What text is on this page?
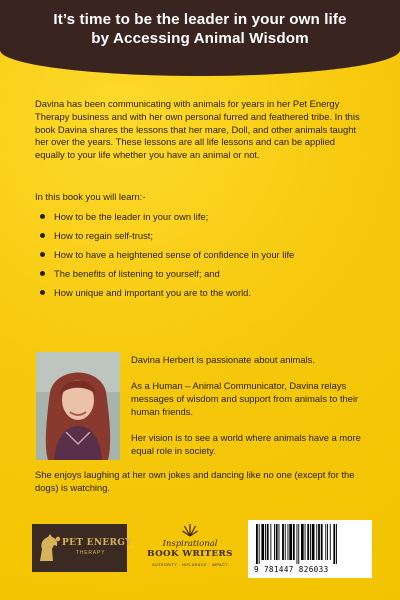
It’s time to be the leader in your own life
by Accessing Animal Wisdom
Davina has been communicating with animals for years in her Pet Energy Therapy business and with her own personal furred and feathered tribe. In this book Davina shares the lessons that her mare, Doll, and other animals taught her over the years. These lessons are all life lessons and can be applied equally to your life whether you have an animal or not.
In this book you will learn:-
How to be the leader in your own life;
How to regain self-trust;
How to have a heightened sense of confidence in your life
The benefits of listening to yourself; and
How unique and important you are to the world.
Davina Herbert is passionate about animals.
As a Human – Animal Communicator, Davina relays messages of wisdom and support from animals to their human friends.
Her vision is to see a world where animals have a more equal role in society.
She enjoys laughing at her own jokes and dancing like no one (except for the dogs) is watching.
PET ENERGY
THERAPY
Inspirational
BOOK WRITERS
AUTHORITY · INFLUENCE · IMPACT	9 781447 826033
